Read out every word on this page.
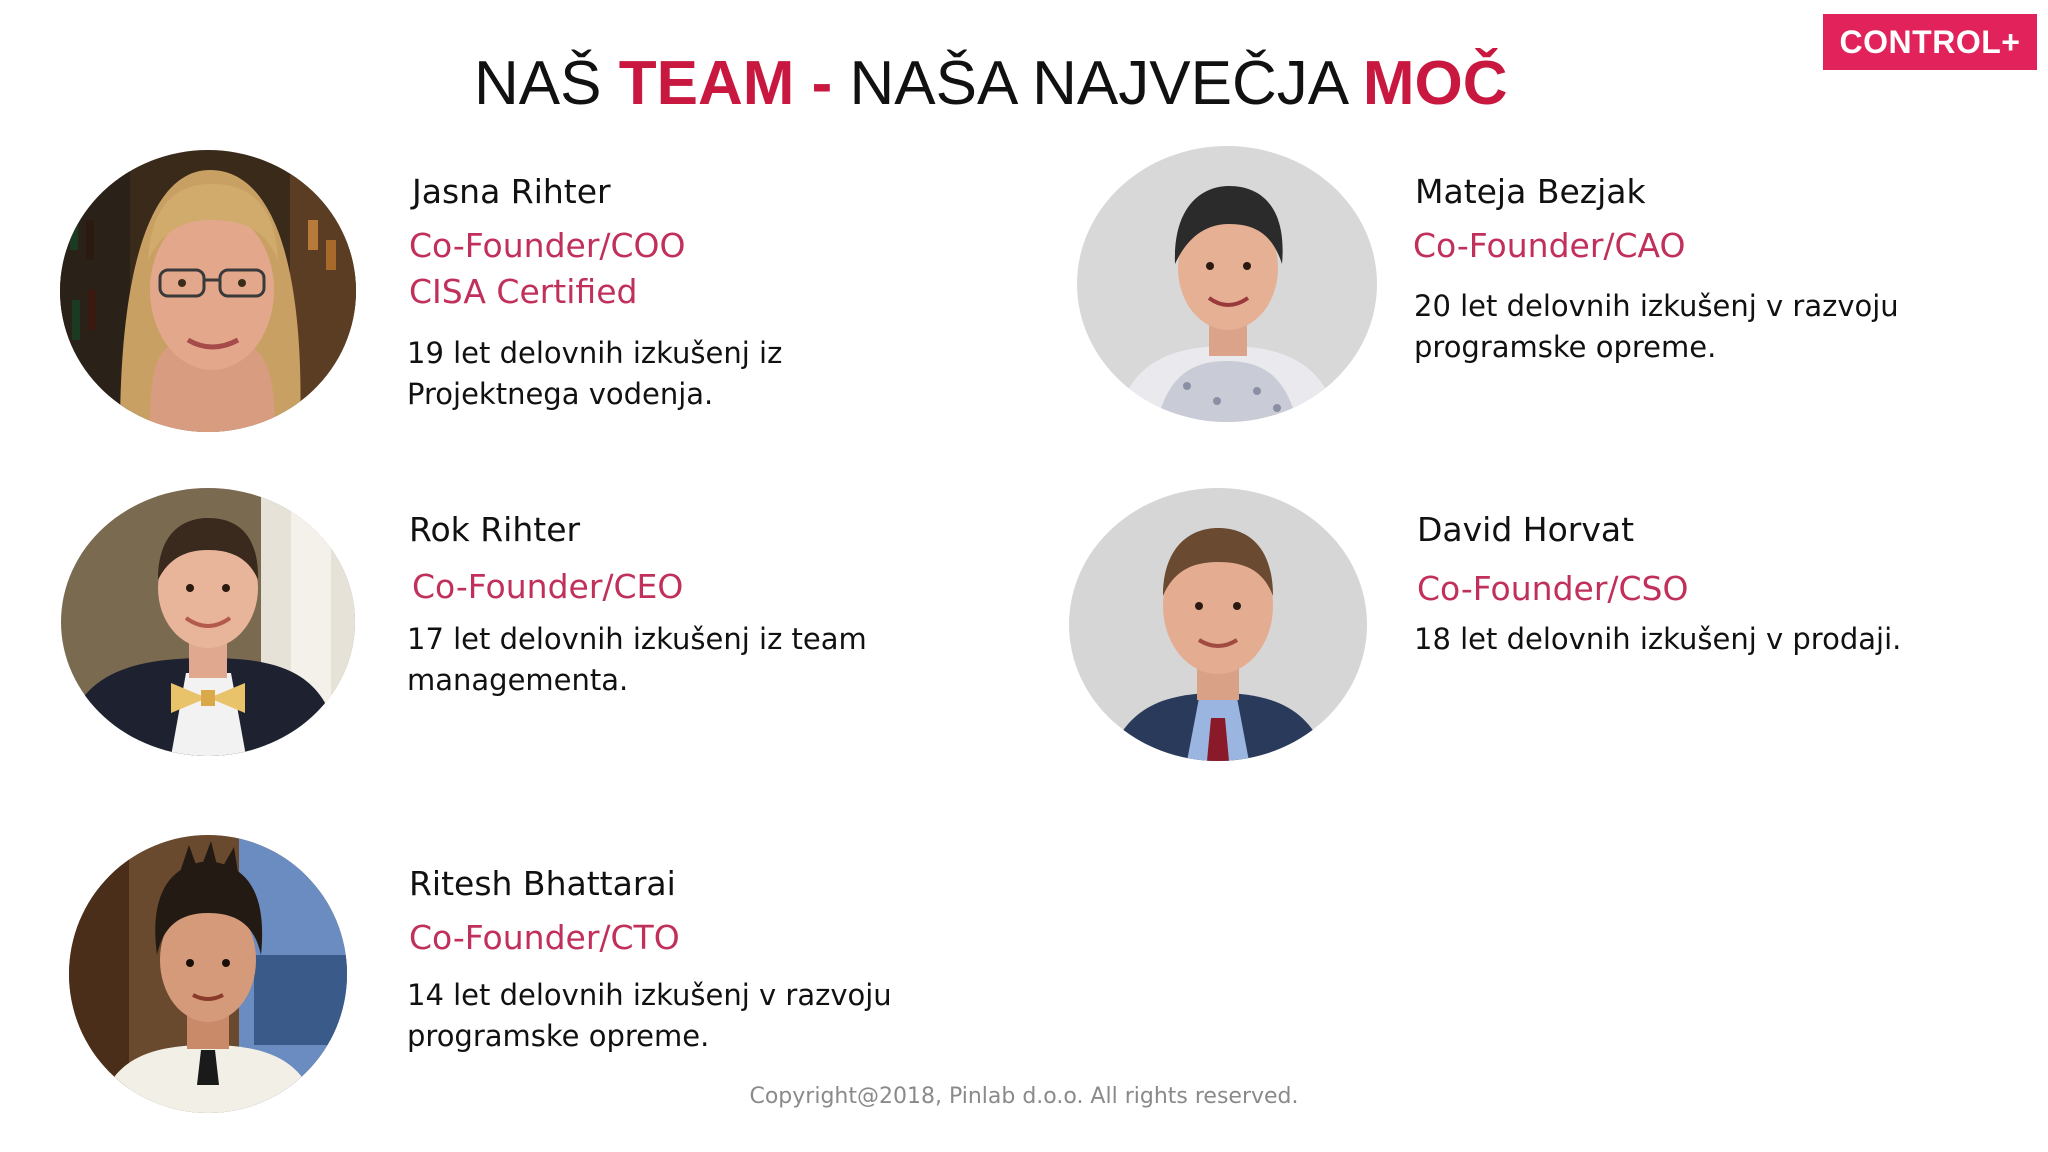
CONTROL+
NAŠ TEAM - NAŠA NAJVEČJA MOČ
Jasna Rihter
Co-Founder/COO
CISA Certified
19 let delovnih izkušenj iz
Projektnega vodenja.
Mateja Bezjak
Co-Founder/CAO
20 let delovnih izkušenj v razvoju
programske opreme.
Rok Rihter
Co-Founder/CEO
17 let delovnih izkušenj iz team
managementa.
David Horvat
Co-Founder/CSO
18 let delovnih izkušenj v prodaji.
Ritesh Bhattarai
Co-Founder/CTO
14 let delovnih izkušenj v razvoju
programske opreme.
Copyright@2018, Pinlab d.o.o. All rights reserved.
